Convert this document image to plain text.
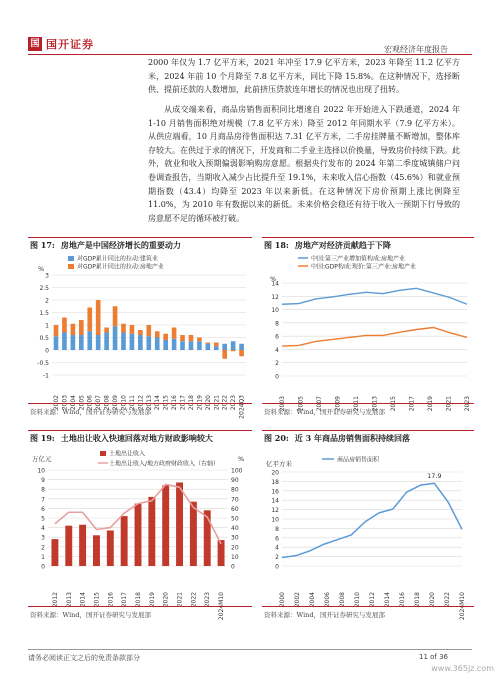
国 国开证券	宏观经济年度报告
2000 年仅为 1.7 亿平方米，2021 年冲至 17.9 亿平方米，2023 年降至 11.2 亿平方米，2024 年前 10 个月降至 7.8 亿平方米，同比下降 15.8%。在这种情况下，选择断供、提前还款的人数增加，此前挤压贷款连年增长的情况也出现了扭转。
从成交端来看，商品房销售面积同比增速自 2022 年开始进入下跌通道，2024 年 1-10 月销售面积绝对规模（7.8 亿平方米）降至 2012 年同期水平（7.9 亿平方米）。从供应端看，10 月商品房待售面积达 7.31 亿平方米，二手房挂牌量不断增加，整体库存较大。在供过于求的情况下，开发商和二手业主选择以价换量，导致房价持续下跌。此外，就业和收入预期偏弱影响购房意愿。根据央行发布的 2024 年第二季度城镇储户问卷调查报告，当期收入减少占比提升至 19.1%，未来收入信心指数（45.6%）和就业预期指数（43.4）均降至 2023 年以来新低。在这种情况下房价预期上涨比例降至 11.0%，为 2010 年有数据以来的新低。未来价格会稳还有待于收入一预期下行导致的房意愿不足的循环被打破。
图 17: 房地产是中国经济增长的重要动力
%
对GDP累计同比的拉动:建筑业
对GDP累计同比的拉动:房地产业
-1
-0.5
0
0.5
1
1.5
2
2.5
3
2002 2003 2004 2005 2006 2007 2008 2009 2010 2011 2012 2013 2014 2015 2016 2017 2018 2019 2020 2021 2022 2023 2024Q3
资料来源：Wind，国开证券研究与发展部
图 18: 房地产对经济贡献趋于下降
%
中国:第三产业增加值构成:房地产业
中国:GDP构成:现价:第三产业:房地产业
0
2
4
6
8
10
12
14
2003 2005 2007 2009 2011 2013 2015 2017 2019 2021 2023
资料来源：Wind，国开证券研究与发展部
图 19: 土地出让收入快速回落对地方财政影响较大
万亿元	%
土地出让收入
土地出让收入/地方政府财政收入（右轴）
0	0
1	10
2	20
3	30
4	40
5	50
6	60
7	70
8	80
9	90
10	100
2012 2013 2014 2015 2016 2017 2018 2019 2020 2021 2022 2023 2024M10
资料来源：Wind，国开证券研究与发展部
图 20: 近 3 年商品房销售面积持续回落
亿平方米	商品房销售面积
0
2
4
6
8
10
12
14
16
18
20	17.9
2000 2002 2004 2006 2008 2010 2012 2014 2016 2018 2020 2022 2024M10
资料来源：Wind，国开证券研究与发展部
请务必阅读正文之后的免责条款部分	11 of 36
www.365jz.com
